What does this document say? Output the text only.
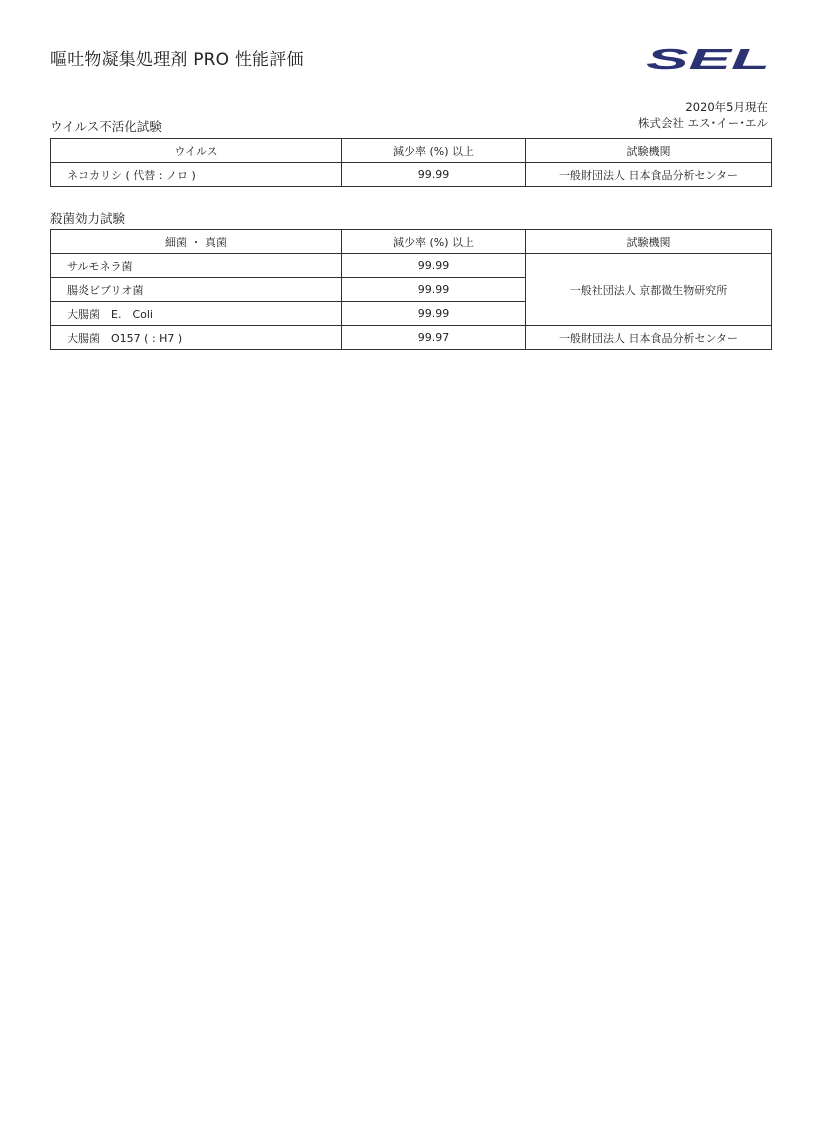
嘔吐物凝集処理剤 PRO 性能評価	SEL
2020年5月現在
株式会社 エス･イー･エル
ウイルス不活化試験
ウイルス	減少率 (%) 以上	試験機関
ネコカリシ ( 代替 : ノロ )	99.99	一般財団法人 日本食品分析センター
殺菌効力試験
細菌 ・ 真菌	減少率 (%) 以上	試験機関
サルモネラ菌	99.99	一般社団法人 京都微生物研究所
腸炎ビブリオ菌	99.99	
大腸菌　E.　Coli	99.99	
大腸菌　O157 ( : H7 )	99.97	一般財団法人 日本食品分析センター
